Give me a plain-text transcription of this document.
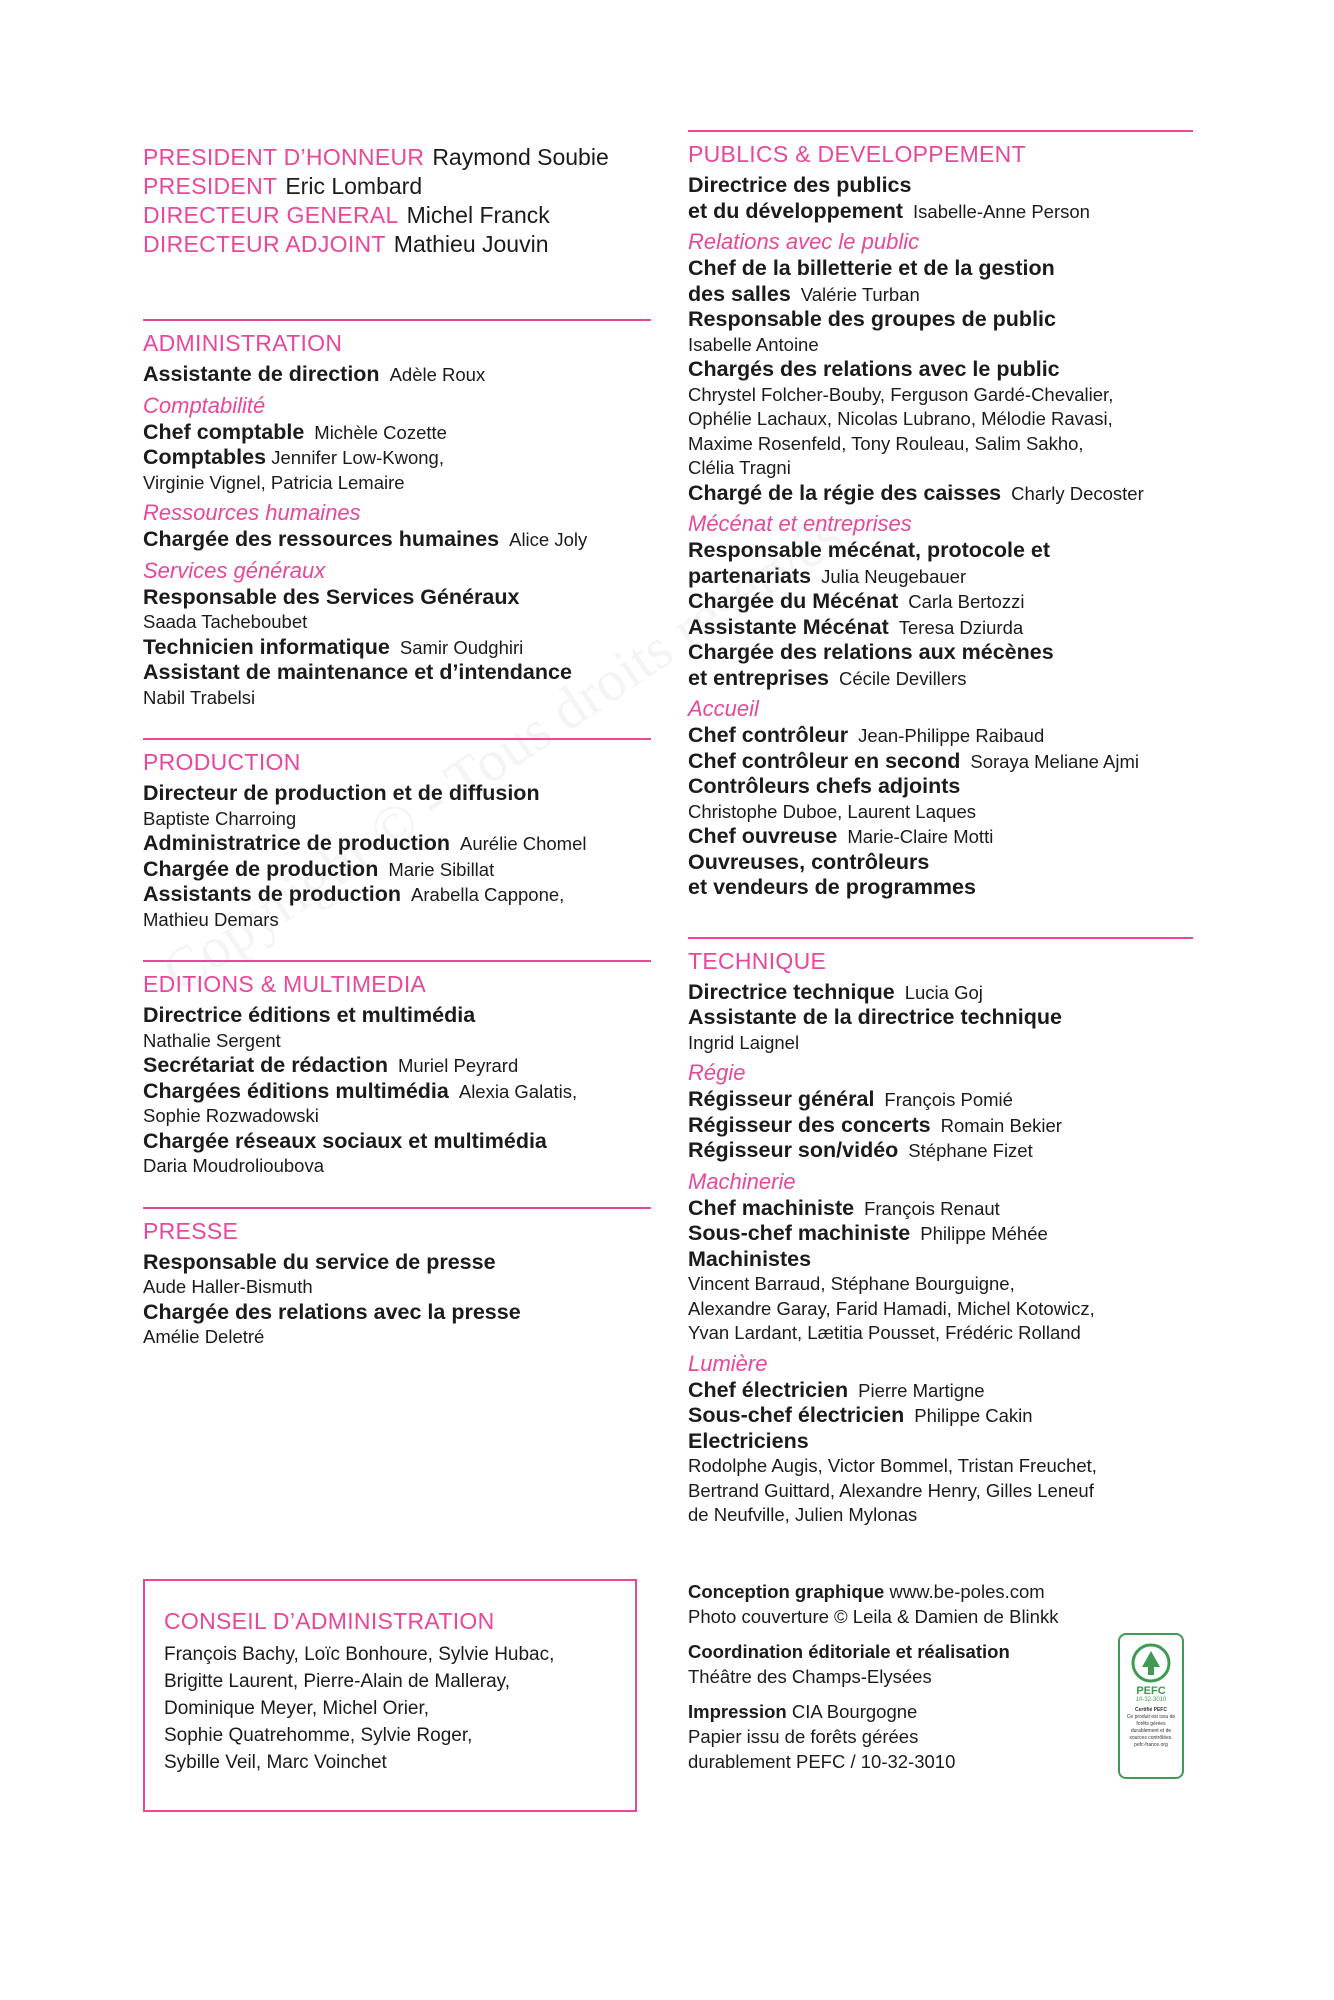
PRESIDENT D’HONNEUR Raymond Soubie
PRESIDENT Eric Lombard
DIRECTEUR GENERAL Michel Franck
DIRECTEUR ADJOINT Mathieu Jouvin
ADMINISTRATION
Assistante de direction Adèle Roux
Comptabilité
Chef comptable Michèle Cozette
Comptables Jennifer Low-Kwong,
Virginie Vignel, Patricia Lemaire
Ressources humaines
Chargée des ressources humaines Alice Joly
Services généraux
Responsable des Services Généraux
Saada Tacheboubet
Technicien informatique Samir Oudghiri
Assistant de maintenance et d’intendance
Nabil Trabelsi
PRODUCTION
Directeur de production et de diffusion
Baptiste Charroing
Administratrice de production Aurélie Chomel
Chargée de production Marie Sibillat
Assistants de production Arabella Cappone,
Mathieu Demars
EDITIONS & MULTIMEDIA
Directrice éditions et multimédia
Nathalie Sergent
Secrétariat de rédaction Muriel Peyrard
Chargées éditions multimédia Alexia Galatis,
Sophie Rozwadowski
Chargée réseaux sociaux et multimédia
Daria Moudrolioubova
PRESSE
Responsable du service de presse
Aude Haller-Bismuth
Chargée des relations avec la presse
Amélie Deletré
CONSEIL D’ADMINISTRATION
François Bachy, Loïc Bonhoure, Sylvie Hubac,
Brigitte Laurent, Pierre-Alain de Malleray,
Dominique Meyer, Michel Orier,
Sophie Quatrehomme, Sylvie Roger,
Sybille Veil, Marc Voinchet
PUBLICS & DEVELOPPEMENT
Directrice des publics
et du développement Isabelle-Anne Person
Relations avec le public
Chef de la billetterie et de la gestion
des salles Valérie Turban
Responsable des groupes de public
Isabelle Antoine
Chargés des relations avec le public
Chrystel Folcher-Bouby, Ferguson Gardé-Chevalier,
Ophélie Lachaux, Nicolas Lubrano, Mélodie Ravasi,
Maxime Rosenfeld, Tony Rouleau, Salim Sakho,
Clélia Tragni
Chargé de la régie des caisses Charly Decoster
Mécénat et entreprises
Responsable mécénat, protocole et
partenariats Julia Neugebauer
Chargée du Mécénat Carla Bertozzi
Assistante Mécénat Teresa Dziurda
Chargée des relations aux mécènes
et entreprises Cécile Devillers
Accueil
Chef contrôleur Jean-Philippe Raibaud
Chef contrôleur en second Soraya Meliane Ajmi
Contrôleurs chefs adjoints
Christophe Duboe, Laurent Laques
Chef ouvreuse Marie-Claire Motti
Ouvreuses, contrôleurs
et vendeurs de programmes
TECHNIQUE
Directrice technique Lucia Goj
Assistante de la directrice technique
Ingrid Laignel
Régie
Régisseur général François Pomié
Régisseur des concerts Romain Bekier
Régisseur son/vidéo Stéphane Fizet
Machinerie
Chef machiniste François Renaut
Sous-chef machiniste Philippe Méhée
Machinistes
Vincent Barraud, Stéphane Bourguigne,
Alexandre Garay, Farid Hamadi, Michel Kotowicz,
Yvan Lardant, Lætitia Pousset, Frédéric Rolland
Lumière
Chef électricien Pierre Martigne
Sous-chef électricien Philippe Cakin
Electriciens
Rodolphe Augis, Victor Bommel, Tristan Freuchet,
Bertrand Guittard, Alexandre Henry, Gilles Leneuf
de Neufville, Julien Mylonas
Conception graphique www.be-poles.com
Photo couverture © Leila & Damien de Blinkk
Coordination éditoriale et réalisation
Théâtre des Champs-Elysées
Impression CIA Bourgogne
Papier issu de forêts gérées
durablement PEFC / 10-32-3010
PEFC
10-32-3010
Certifié PEFC
Ce produit est issu de forêts gérées durablement et de sources contrôlées.
pefc-france.org
